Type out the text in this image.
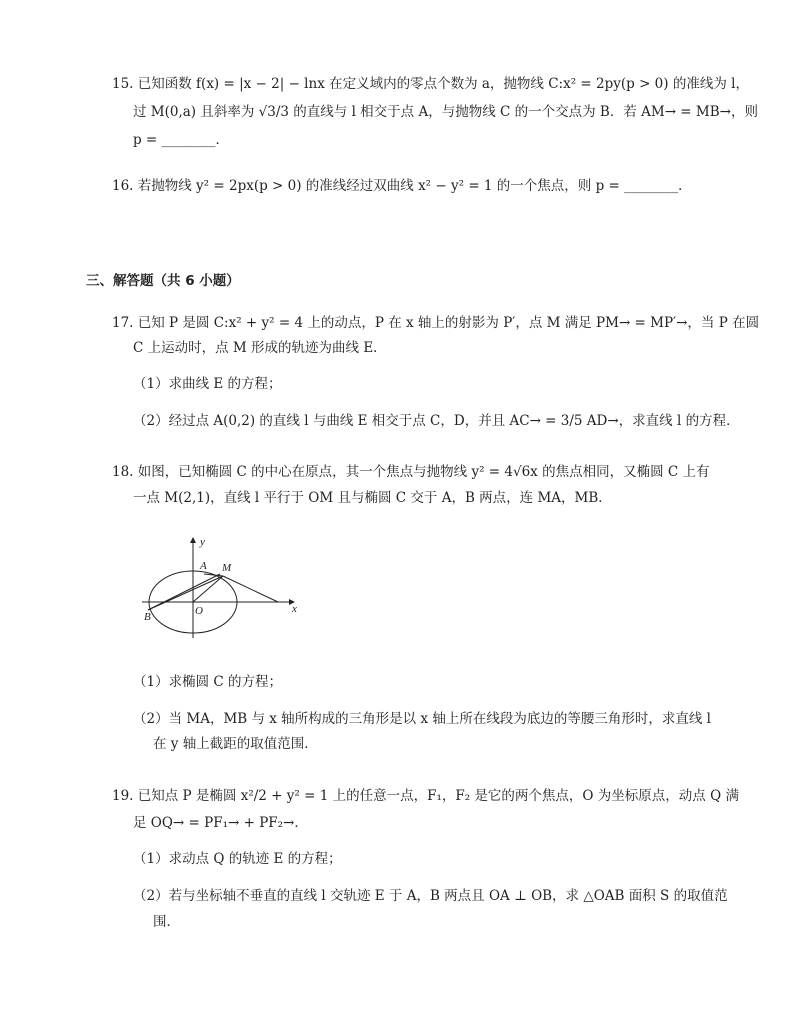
15. 已知函数 f(x) = |x − 2| − lnx 在定义域内的零点个数为 a，抛物线 C:x² = 2py(p > 0) 的准线为 l，
过 M(0,a) 且斜率为 √3/3 的直线与 l 相交于点 A，与抛物线 C 的一个交点为 B．若 AM→ = MB→，则
p = ________．
16. 若抛物线 y² = 2px(p > 0) 的准线经过双曲线 x² − y² = 1 的一个焦点，则 p = ________．
三、解答题（共 6 小题）
17. 已知 P 是圆 C:x² + y² = 4 上的动点，P 在 x 轴上的射影为 P′，点 M 满足 PM→ = MP′→，当 P 在圆
C 上运动时，点 M 形成的轨迹为曲线 E．
（1）求曲线 E 的方程；
（2）经过点 A(0,2) 的直线 l 与曲线 E 相交于点 C，D，并且 AC→ = 3/5 AD→，求直线 l 的方程．
18. 如图，已知椭圆 C 的中心在原点，其一个焦点与抛物线 y² = 4√6x 的焦点相同，又椭圆 C 上有
一点 M(2,1)，直线 l 平行于 OM 且与椭圆 C 交于 A，B 两点，连 MA，MB．
y
A M
O
B
x
（1）求椭圆 C 的方程；
（2）当 MA，MB 与 x 轴所构成的三角形是以 x 轴上所在线段为底边的等腰三角形时，求直线 l
在 y 轴上截距的取值范围．
19. 已知点 P 是椭圆 x²/2 + y² = 1 上的任意一点，F₁，F₂ 是它的两个焦点，O 为坐标原点，动点 Q 满
足 OQ→ = PF₁→ + PF₂→．
（1）求动点 Q 的轨迹 E 的方程；
（2）若与坐标轴不垂直的直线 l 交轨迹 E 于 A，B 两点且 OA ⊥ OB，求 △OAB 面积 S 的取值范
围．
